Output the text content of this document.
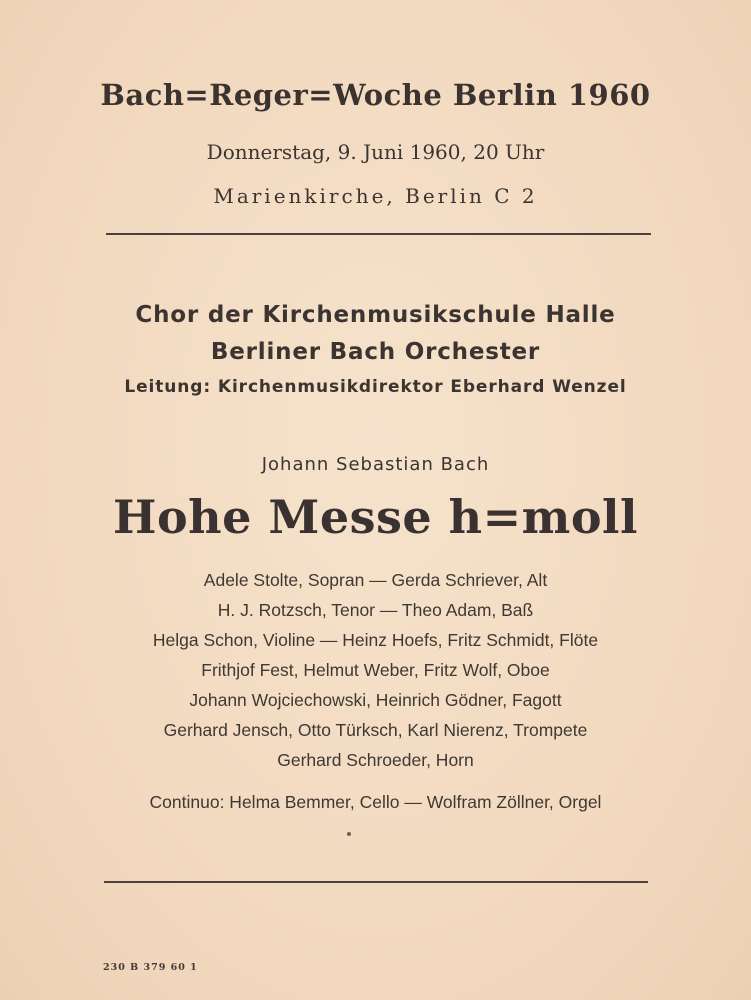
Bach=Reger=Woche Berlin 1960
Donnerstag, 9. Juni 1960, 20 Uhr
Marienkirche, Berlin C 2
Chor der Kirchenmusikschule Halle
Berliner Bach Orchester
Leitung: Kirchenmusikdirektor Eberhard Wenzel
Johann Sebastian Bach
Hohe Messe h=moll
Adele Stolte, Sopran — Gerda Schriever, Alt
H. J. Rotzsch, Tenor — Theo Adam, Baß
Helga Schon, Violine — Heinz Hoefs, Fritz Schmidt, Flöte
Frithjof Fest, Helmut Weber, Fritz Wolf, Oboe
Johann Wojciechowski, Heinrich Gödner, Fagott
Gerhard Jensch, Otto Türksch, Karl Nierenz, Trompete
Gerhard Schroeder, Horn
Continuo: Helma Bemmer, Cello — Wolfram Zöllner, Orgel
230 B 379 60 1
